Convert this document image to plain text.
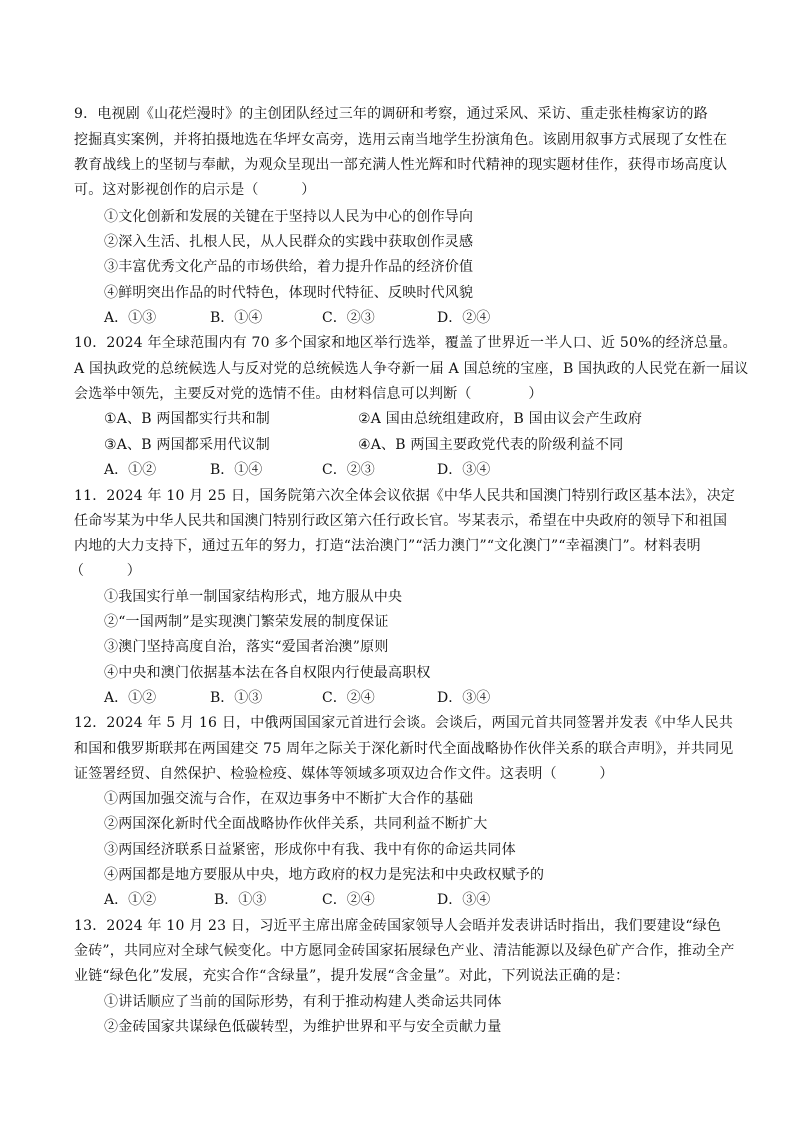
9．电视剧《山花烂漫时》的主创团队经过三年的调研和考察，通过采风、采访、重走张桂梅家访的路
挖掘真实案例，并将拍摄地选在华坪女高旁，选用云南当地学生扮演角色。该剧用叙事方式展现了女性在
教育战线上的坚韧与奉献，为观众呈现出一部充满人性光辉和时代精神的现实题材佳作，获得市场高度认
可。这对影视创作的启示是（　　　）
①文化创新和发展的关键在于坚持以人民为中心的创作导向
②深入生活、扎根人民，从人民群众的实践中获取创作灵感
③丰富优秀文化产品的市场供给，着力提升作品的经济价值
④鲜明突出作品的时代特色，体现时代特征、反映时代风貌
A．①③	B．①④	C．②③	D．②④
10．2024 年全球范围内有 70 多个国家和地区举行选举，覆盖了世界近一半人口、近 50%的经济总量。
A 国执政党的总统候选人与反对党的总统候选人争夺新一届 A 国总统的宝座，B 国执政的人民党在新一届议
会选举中领先，主要反对党的选情不佳。由材料信息可以判断（　　　　）
①A、B 两国都实行共和制	②A 国由总统组建政府，B 国由议会产生政府
③A、B 两国都采用代议制	④A、B 两国主要政党代表的阶级利益不同
A．①②	B．①④	C．②③	D．③④
11．2024 年 10 月 25 日，国务院第六次全体会议依据《中华人民共和国澳门特别行政区基本法》，决定
任命岑某为中华人民共和国澳门特别行政区第六任行政长官。岑某表示，希望在中央政府的领导下和祖国
内地的大力支持下，通过五年的努力，打造“法治澳门”“活力澳门”“文化澳门”“幸福澳门”。材料表明
（　　　）
①我国实行单一制国家结构形式，地方服从中央
②“一国两制”是实现澳门繁荣发展的制度保证
③澳门坚持高度自治，落实“爱国者治澳”原则
④中央和澳门依据基本法在各自权限内行使最高职权
A．①②	B．①③	C．②④	D．③④
12．2024 年 5 月 16 日，中俄两国国家元首进行会谈。会谈后，两国元首共同签署并发表《中华人民共
和国和俄罗斯联邦在两国建交 75 周年之际关于深化新时代全面战略协作伙伴关系的联合声明》，并共同见
证签署经贸、自然保护、检验检疫、媒体等领域多项双边合作文件。这表明（　　　）
①两国加强交流与合作，在双边事务中不断扩大合作的基础
②两国深化新时代全面战略协作伙伴关系，共同利益不断扩大
③两国经济联系日益紧密，形成你中有我、我中有你的命运共同体
④两国都是地方要服从中央，地方政府的权力是宪法和中央政权赋予的
A．①②	B．①③	C．②④	D．③④
13．2024 年 10 月 23 日，习近平主席出席金砖国家领导人会晤并发表讲话时指出，我们要建设“绿色
金砖”，共同应对全球气候变化。中方愿同金砖国家拓展绿色产业、清洁能源以及绿色矿产合作，推动全产
业链“绿色化”发展，充实合作“含绿量”，提升发展“含金量”。对此，下列说法正确的是：
①讲话顺应了当前的国际形势，有利于推动构建人类命运共同体
②金砖国家共谋绿色低碳转型，为维护世界和平与安全贡献力量
